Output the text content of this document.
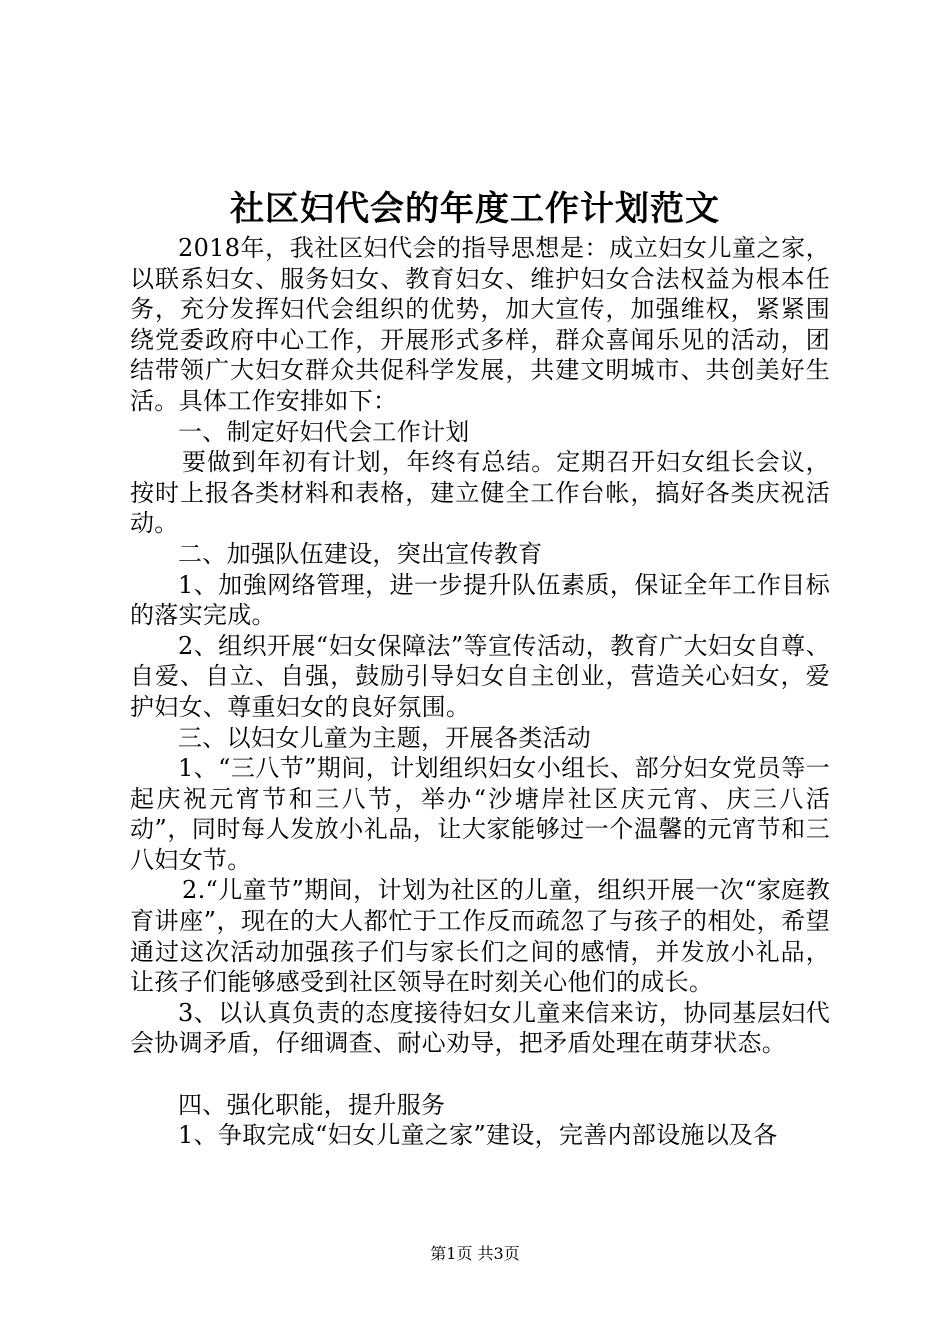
社区妇代会的年度工作计划范文

2018年，我社区妇代会的指导思想是：成立妇女儿童之家，以联系妇女、服务妇女、教育妇女、维护妇女合法权益为根本任务，充分发挥妇代会组织的优势，加大宣传，加强维权，紧紧围绕党委政府中心工作，开展形式多样，群众喜闻乐见的活动，团结带领广大妇女群众共促科学发展，共建文明城市、共创美好生活。具体工作安排如下：

一、制定好妇代会工作计划

要做到年初有计划，年终有总结。定期召开妇女组长会议，按时上报各类材料和表格，建立健全工作台帐，搞好各类庆祝活动。

二、加强队伍建设，突出宣传教育

1、加強网络管理，进一步提升队伍素质，保证全年工作目标的落实完成。

2、组织开展“妇女保障法”等宣传活动，教育广大妇女自尊、自爱、自立、自强，鼓励引导妇女自主创业，营造关心妇女，爱护妇女、尊重妇女的良好氛围。

三、以妇女儿童为主题，开展各类活动

1、“三八节”期间，计划组织妇女小组长、部分妇女党员等一起庆祝元宵节和三八节，举办“沙塘岸社区庆元宵、庆三八活动”，同时每人发放小礼品，让大家能够过一个温馨的元宵节和三八妇女节。

2.“儿童节”期间，计划为社区的儿童，组织开展一次“家庭教育讲座”，现在的大人都忙于工作反而疏忽了与孩子的相处，希望通过这次活动加强孩子们与家长们之间的感情，并发放小礼品，让孩子们能够感受到社区领导在时刻关心他们的成长。

3、以认真负责的态度接待妇女儿童来信来访，协同基层妇代会协调矛盾，仔细调查、耐心劝导，把矛盾处理在萌芽状态。

四、强化职能，提升服务

1、争取完成“妇女儿童之家”建设，完善内部设施以及各

第1页 共3页
